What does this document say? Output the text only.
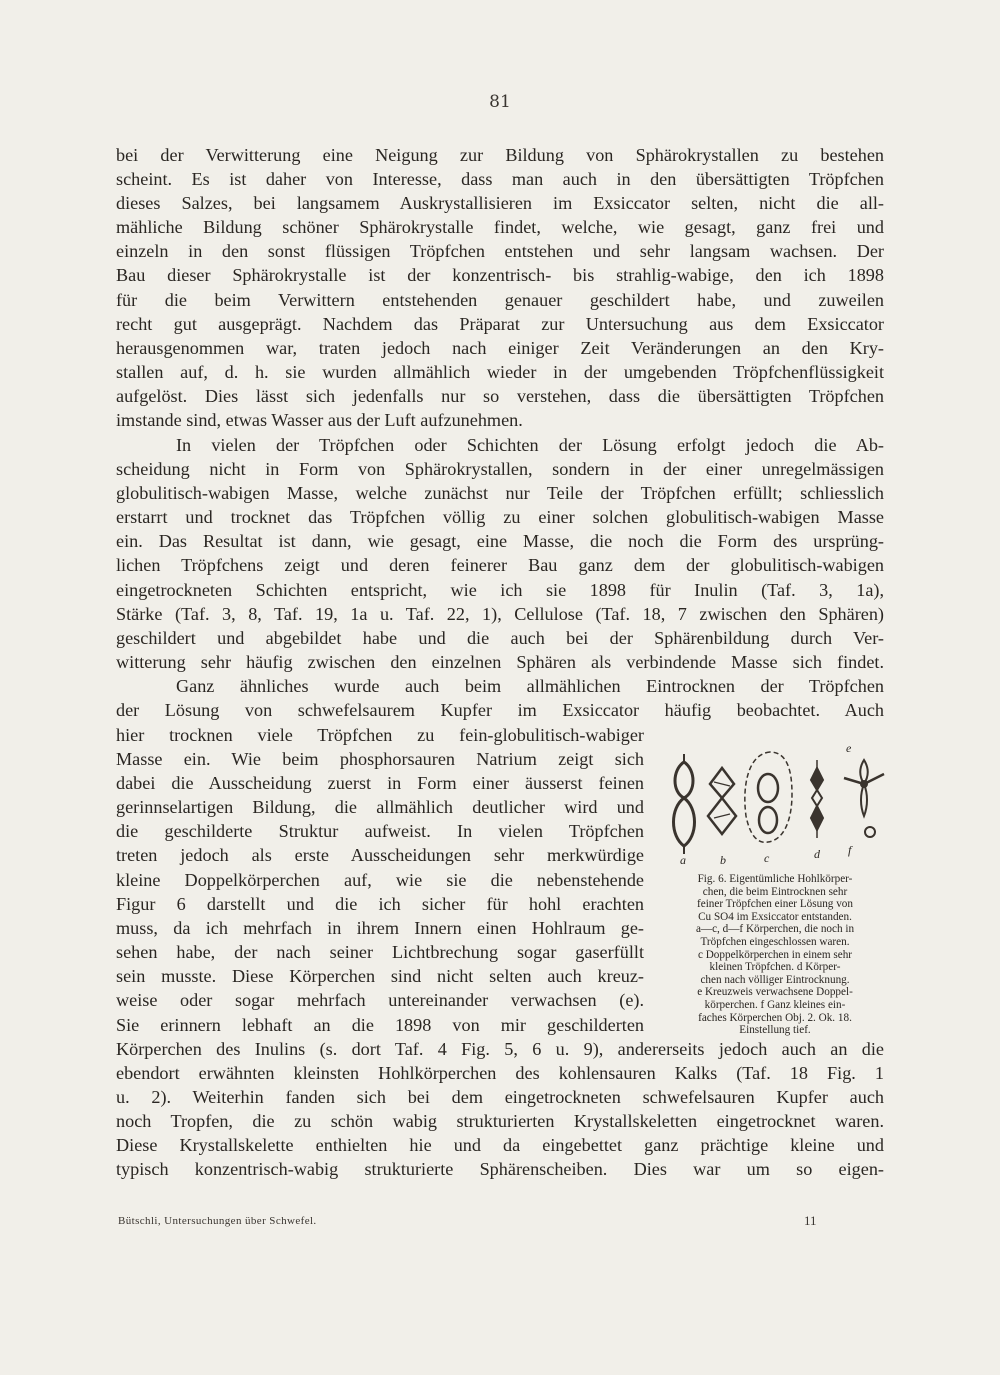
81
bei der Verwitterung eine Neigung zur Bildung von Sphärokrystallen zu bestehen
scheint. Es ist daher von Interesse, dass man auch in den übersättigten Tröpfchen
dieses Salzes, bei langsamem Auskrystallisieren im Exsiccator selten, nicht die all-
mähliche Bildung schöner Sphärokrystalle findet, welche, wie gesagt, ganz frei und
einzeln in den sonst flüssigen Tröpfchen entstehen und sehr langsam wachsen. Der
Bau dieser Sphärokrystalle ist der konzentrisch- bis strahlig-wabige, den ich 1898
für die beim Verwittern entstehenden genauer geschildert habe, und zuweilen
recht gut ausgeprägt. Nachdem das Präparat zur Untersuchung aus dem Exsiccator
herausgenommen war, traten jedoch nach einiger Zeit Veränderungen an den Kry-
stallen auf, d. h. sie wurden allmählich wieder in der umgebenden Tröpfchenflüssigkeit
aufgelöst. Dies lässt sich jedenfalls nur so verstehen, dass die übersättigten Tröpfchen
imstande sind, etwas Wasser aus der Luft aufzunehmen.
In vielen der Tröpfchen oder Schichten der Lösung erfolgt jedoch die Ab-
scheidung nicht in Form von Sphärokrystallen, sondern in der einer unregelmässigen
globulitisch-wabigen Masse, welche zunächst nur Teile der Tröpfchen erfüllt; schliesslich
erstarrt und trocknet das Tröpfchen völlig zu einer solchen globulitisch-wabigen Masse
ein. Das Resultat ist dann, wie gesagt, eine Masse, die noch die Form des ursprüng-
lichen Tröpfchens zeigt und deren feinerer Bau ganz dem der globulitisch-wabigen
eingetrockneten Schichten entspricht, wie ich sie 1898 für Inulin (Taf. 3, 1a),
Stärke (Taf. 3, 8, Taf. 19, 1a u. Taf. 22, 1), Cellulose (Taf. 18, 7 zwischen den Sphären)
geschildert und abgebildet habe und die auch bei der Sphärenbildung durch Ver-
witterung sehr häufig zwischen den einzelnen Sphären als verbindende Masse sich findet.
Ganz ähnliches wurde auch beim allmählichen Eintrocknen der Tröpfchen
der Lösung von schwefelsaurem Kupfer im Exsiccator häufig beobachtet. Auch
hier trocknen viele Tröpfchen zu fein-globulitisch-wabiger
Masse ein. Wie beim phosphorsauren Natrium zeigt sich
dabei die Ausscheidung zuerst in Form einer äusserst feinen
gerinnselartigen Bildung, die allmählich deutlicher wird und
die geschilderte Struktur aufweist. In vielen Tröpfchen
treten jedoch als erste Ausscheidungen sehr merkwürdige
kleine Doppelkörperchen auf, wie sie die nebenstehende
Figur 6 darstellt und die ich sicher für hohl erachten
muss, da ich mehrfach in ihrem Innern einen Hohlraum ge-
sehen habe, der nach seiner Lichtbrechung sogar gaserfüllt
sein musste. Diese Körperchen sind nicht selten auch kreuz-
weise oder sogar mehrfach untereinander verwachsen (e).
Sie erinnern lebhaft an die 1898 von mir geschilderten
Körperchen des Inulins (s. dort Taf. 4 Fig. 5, 6 u. 9), andererseits jedoch auch an die
ebendort erwähnten kleinsten Hohlkörperchen des kohlensauren Kalks (Taf. 18 Fig. 1
u. 2). Weiterhin fanden sich bei dem eingetrockneten schwefelsauren Kupfer auch
noch Tropfen, die zu schön wabig strukturierten Krystallskeletten eingetrocknet waren.
Diese Krystallskelette enthielten hie und da eingebettet ganz prächtige kleine und
typisch konzentrisch-wabig strukturierte Sphärenscheiben. Dies war um so eigen-
a	b	c	d
e
f
Fig. 6. Eigentümliche Hohlkörper-
chen, die beim Eintrocknen sehr
feiner Tröpfchen einer Lösung von
Cu SO4 im Exsiccator entstanden.
a—c, d—f Körperchen, die noch in
Tröpfchen eingeschlossen waren.
c Doppelkörperchen in einem sehr
kleinen Tröpfchen. d Körper-
chen nach völliger Eintrocknung.
e Kreuzweis verwachsene Doppel-
körperchen. f Ganz kleines ein-
faches Körperchen Obj. 2. Ok. 18.
Einstellung tief.
Bütschli, Untersuchungen über Schwefel.	11
